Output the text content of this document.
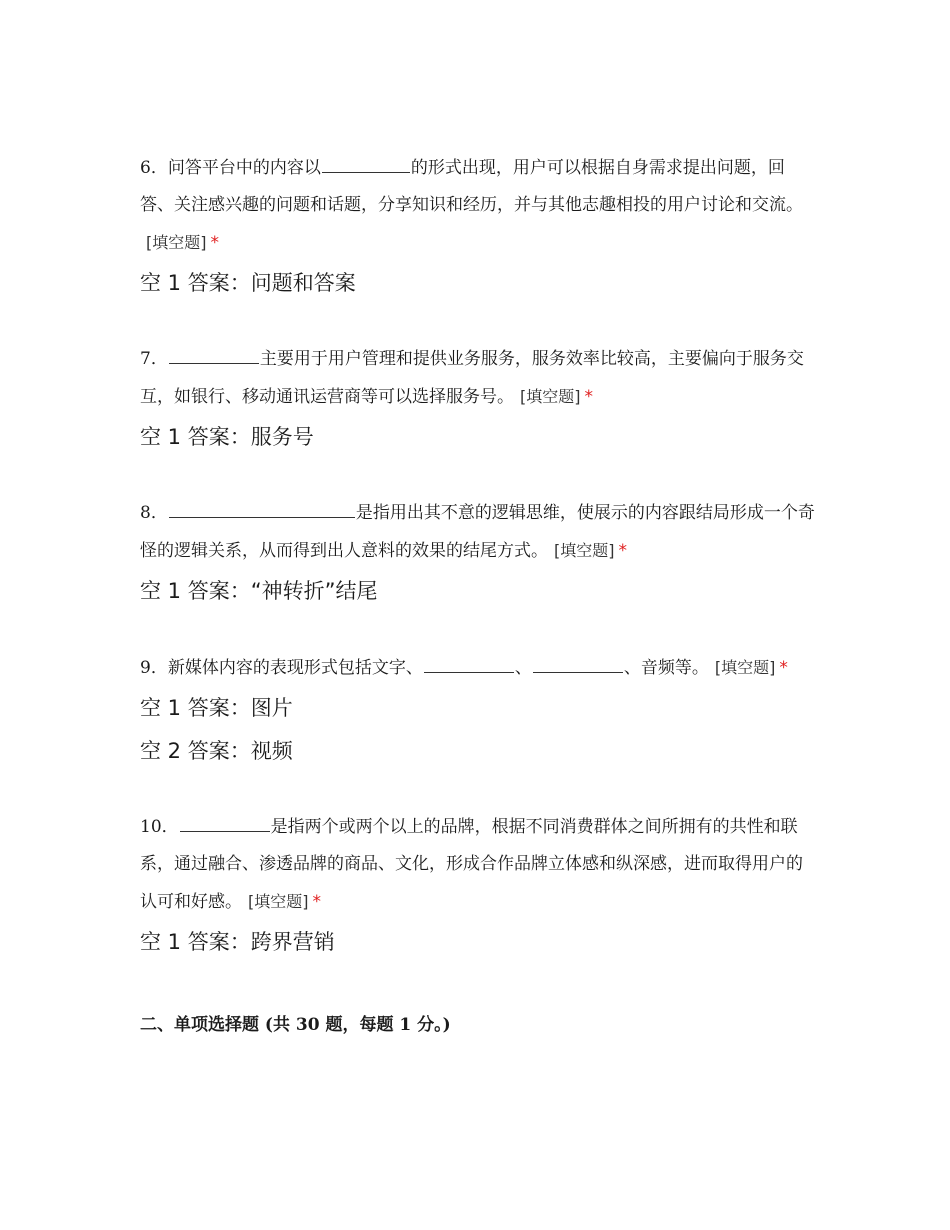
6．问答平台中的内容以	的形式出现，用户可以根据自身需求提出问题，回答、关注感兴趣的问题和话题，分享知识和经历，并与其他志趣相投的用户讨论和交流。[填空题] *

空 1 答案：问题和答案

7．	主要用于用户管理和提供业务服务，服务效率比较高，主要偏向于服务交互，如银行、移动通讯运营商等可以选择服务号。 [填空题] *

空 1 答案：服务号

8．	是指用出其不意的逻辑思维，使展示的内容跟结局形成一个奇怪的逻辑关系，从而得到出人意料的效果的结尾方式。 [填空题] *

空 1 答案：“神转折”结尾

9．新媒体内容的表现形式包括文字、	、	、音频等。 [填空题] *

空 1 答案：图片

空 2 答案：视频

10．	是指两个或两个以上的品牌，根据不同消费群体之间所拥有的共性和联系，通过融合、渗透品牌的商品、文化，形成合作品牌立体感和纵深感，进而取得用户的认可和好感。 [填空题] *

空 1 答案：跨界营销

二、单项选择题 (共 30 题，每题 1 分。)
